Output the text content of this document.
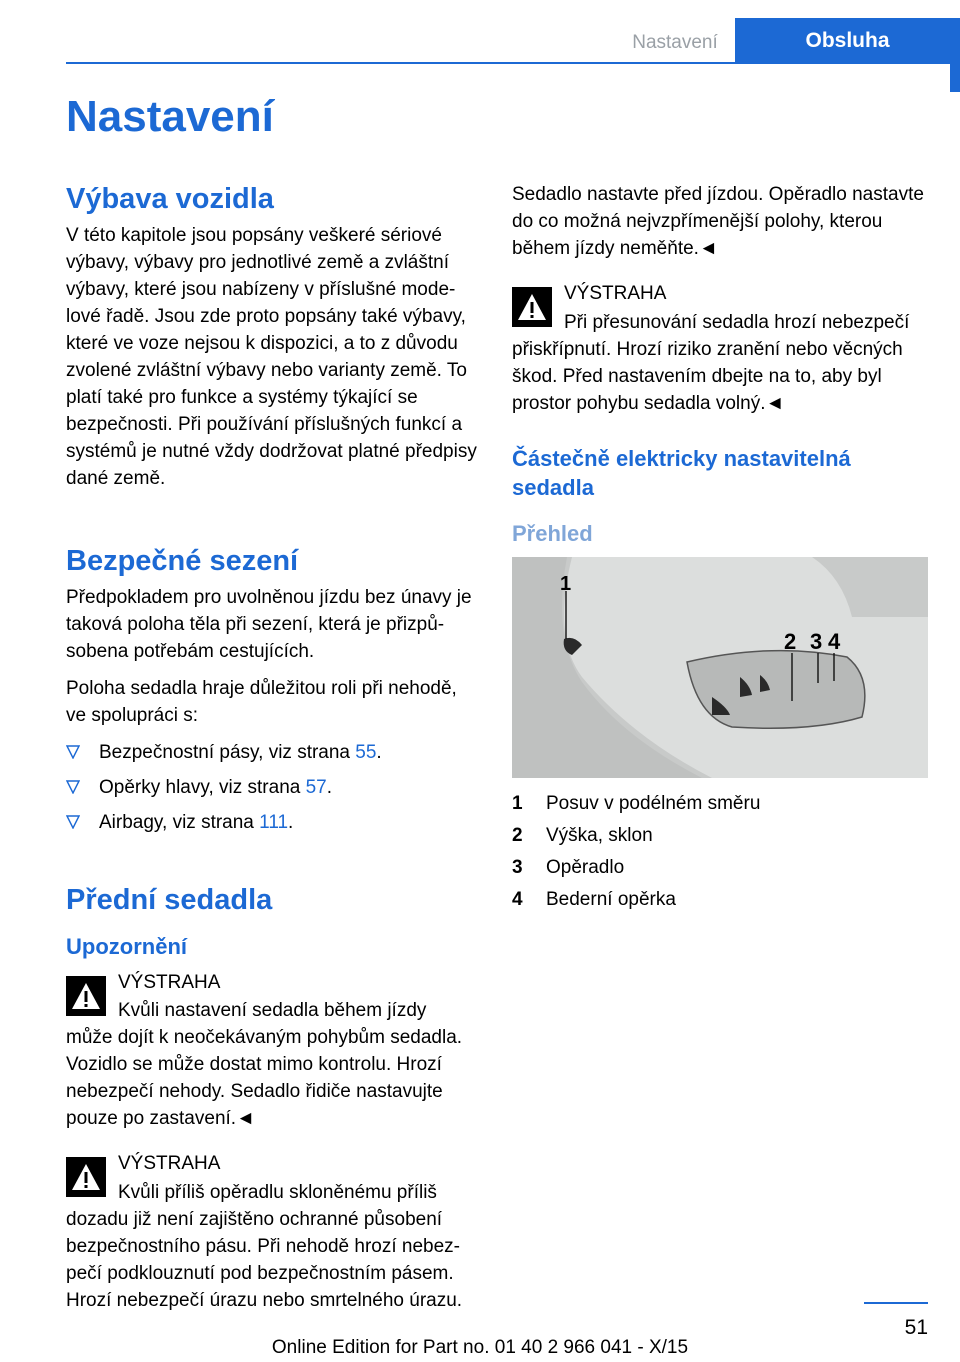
Nastavení	Obsluha
Nastavení
Výbava vozidla

V této kapitole jsou popsány veškeré sériové výbavy, výbavy pro jednotlivé země a zvláštní výbavy, které jsou nabízeny v příslušné modelové řadě. Jsou zde proto popsány také výbavy, které ve voze nejsou k dispozici, a to z důvodu zvolené zvláštní výbavy nebo varianty země. To platí také pro funkce a systémy týkající se bezpečnosti. Při používání příslušných funkcí a systémů je nutné vždy dodržovat platné předpisy dané země.

Bezpečné sezení

Předpokladem pro uvolněnou jízdu bez únavy je taková poloha těla při sezení, která je přizpůsobena potřebám cestujících.

Poloha sedadla hraje důležitou roli při nehodě, ve spolupráci s:

Bezpečnostní pásy, viz strana 55.
Opěrky hlavy, viz strana 57.
Airbagy, viz strana 111.
Přední sedadla
Upozornění

VÝSTRAHA

Kvůli nastavení sedadla během jízdy může dojít k neočekávaným pohybům sedadla. Vozidlo se může dostat mimo kontrolu. Hrozí nebezpečí nehody. Sedadlo řidiče nastavujte pouze po zastavení.◄

VÝSTRAHA

Kvůli příliš opěradlu skloněnému příliš dozadu již není zajištěno ochranné působení bezpečnostního pásu. Při nehodě hrozí nebezpečí podklouznutí pod bezpečnostním pásem. Hrozí nebezpečí úrazu nebo smrtelného úrazu.

Sedadlo nastavte před jízdou. Opěradlo nastavte do co možná nejvzpřímenější polohy, kterou během jízdy neměňte.◄

VÝSTRAHA

Při přesunování sedadla hrozí nebezpečí přiskřípnutí. Hrozí riziko zranění nebo věcných škod. Před nastavením dbejte na to, aby byl prostor pohybu sedadla volný.◄

Částečně elektricky nastavitelná sedadla
Přehled
1
2 3 4
1 Posuv v podélném směru
2 Výška, sklon
3 Opěradlo
4 Bederní opěrka
51
Online Edition for Part no. 01 40 2 966 041 - X/15
